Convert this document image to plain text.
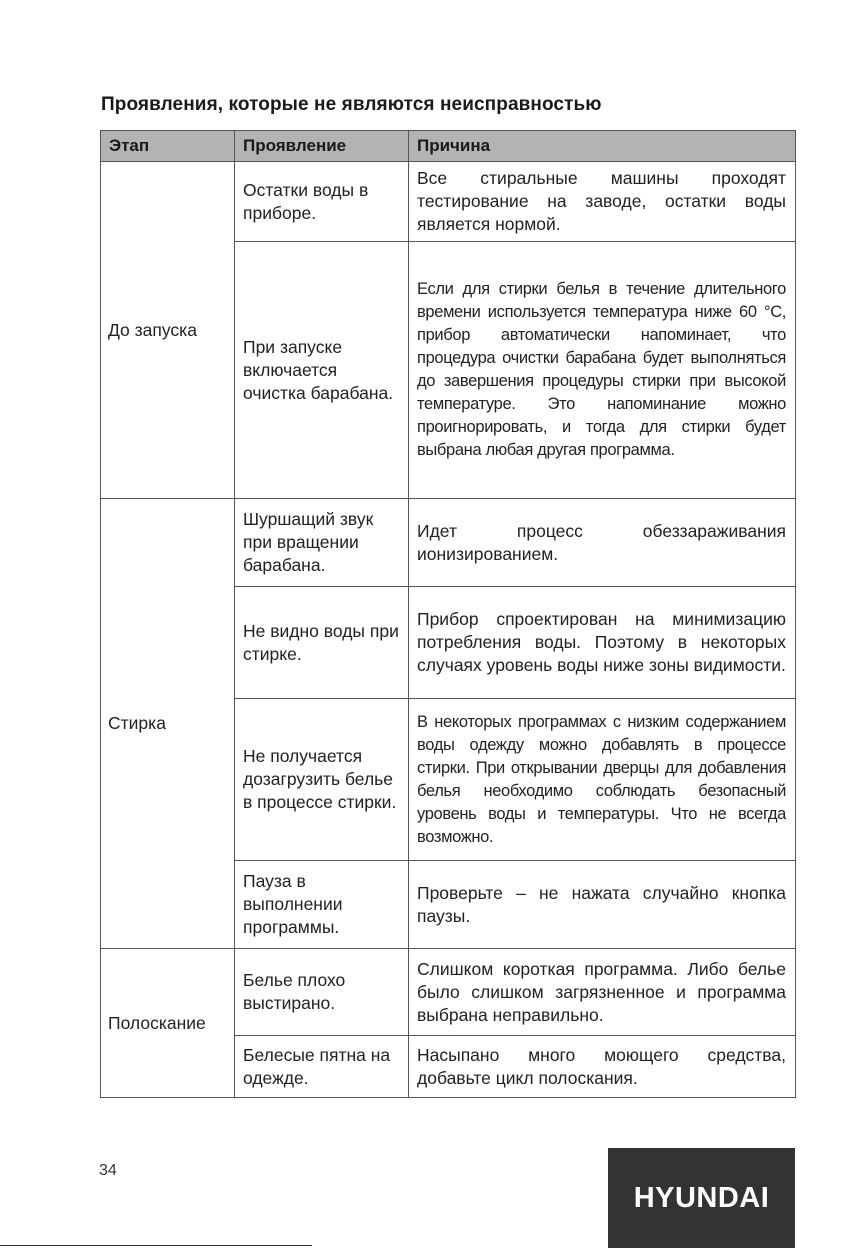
Проявления, которые не являются неисправностью
Этап	Проявление	Причина
До запуска	Остатки воды в приборе.	Все стиральные машины проходят тестирование на заводе, остатки воды является нормой.
	При запуске включается очистка барабана.	Если для стирки белья в течение длительного времени используется температура ниже 60 °С, прибор автоматически напоминает, что процедура очистки барабана будет выполняться до завершения процедуры стирки при высокой температуре. Это напоминание можно проигнорировать, и тогда для стирки будет выбрана любая другая программа.
Стирка	Шуршащий звук при вращении барабана.	Идет процесс обеззараживания ионизированием.
	Не видно воды при стирке.	Прибор спроектирован на минимизацию потребления воды. Поэтому в некоторых случаях уровень воды ниже зоны видимости.
	Не получается дозагрузить белье в процессе стирки.	В некоторых программах с низким содержанием воды одежду можно добавлять в процессе стирки. При открывании дверцы для добавления белья необходимо соблюдать безопасный уровень воды и температуры. Что не всегда возможно.
	Пауза в выполнении программы.	Проверьте – не нажата случайно кнопка паузы.
Полоскание	Белье плохо выстирано.	Слишком короткая программа. Либо белье было слишком загрязненное и программа выбрана неправильно.
	Белесые пятна на одежде.	Насыпано много моющего средства, добавьте цикл полоскания.
34
HYUNDAI
